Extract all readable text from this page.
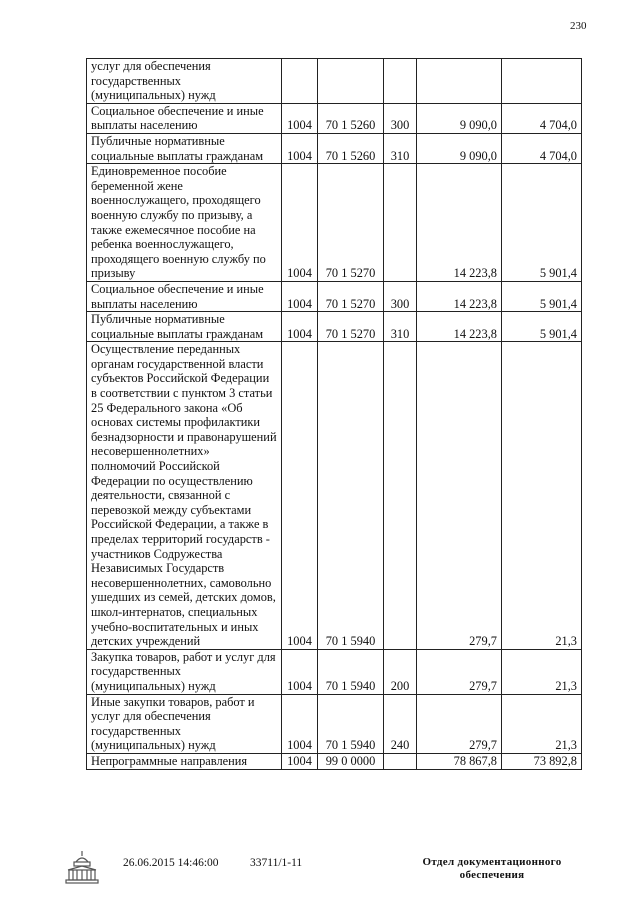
230
услуг для обеспечения государственных (муниципальных) нужд					
Социальное обеспечение и иные выплаты населению	1004	70 1 5260	300	9 090,0	4 704,0
Публичные нормативные социальные выплаты гражданам	1004	70 1 5260	310	9 090,0	4 704,0
Единовременное пособие беременной жене военнослужащего, проходящего военную службу по призыву, а также ежемесячное пособие на ребенка военнослужащего, проходящего военную службу по призыву	1004	70 1 5270		14 223,8	5 901,4
Социальное обеспечение и иные выплаты населению	1004	70 1 5270	300	14 223,8	5 901,4
Публичные нормативные социальные выплаты гражданам	1004	70 1 5270	310	14 223,8	5 901,4
Осуществление переданных органам государственной власти субъектов Российской Федерации в соответствии с пунктом 3 статьи 25 Федерального закона «Об основах системы профилактики безнадзорности и правонарушений несовершеннолетних» полномочий Российской Федерации по осуществлению деятельности, связанной с перевозкой между субъектами Российской Федерации, а также в пределах территорий государств - участников Содружества Независимых Государств несовершеннолетних, самовольно ушедших из семей, детских домов, школ-интернатов, специальных учебно-воспитательных и иных детских учреждений	1004	70 1 5940		279,7	21,3
Закупка товаров, работ и услуг для государственных (муниципальных) нужд	1004	70 1 5940	200	279,7	21,3
Иные закупки товаров, работ и услуг для обеспечения государственных (муниципальных) нужд	1004	70 1 5940	240	279,7	21,3
Непрограммные направления	1004	99 0 0000		78 867,8	73 892,8
26.06.2015 14:46:00	33711/1-11	Отдел документационного обеспечения
